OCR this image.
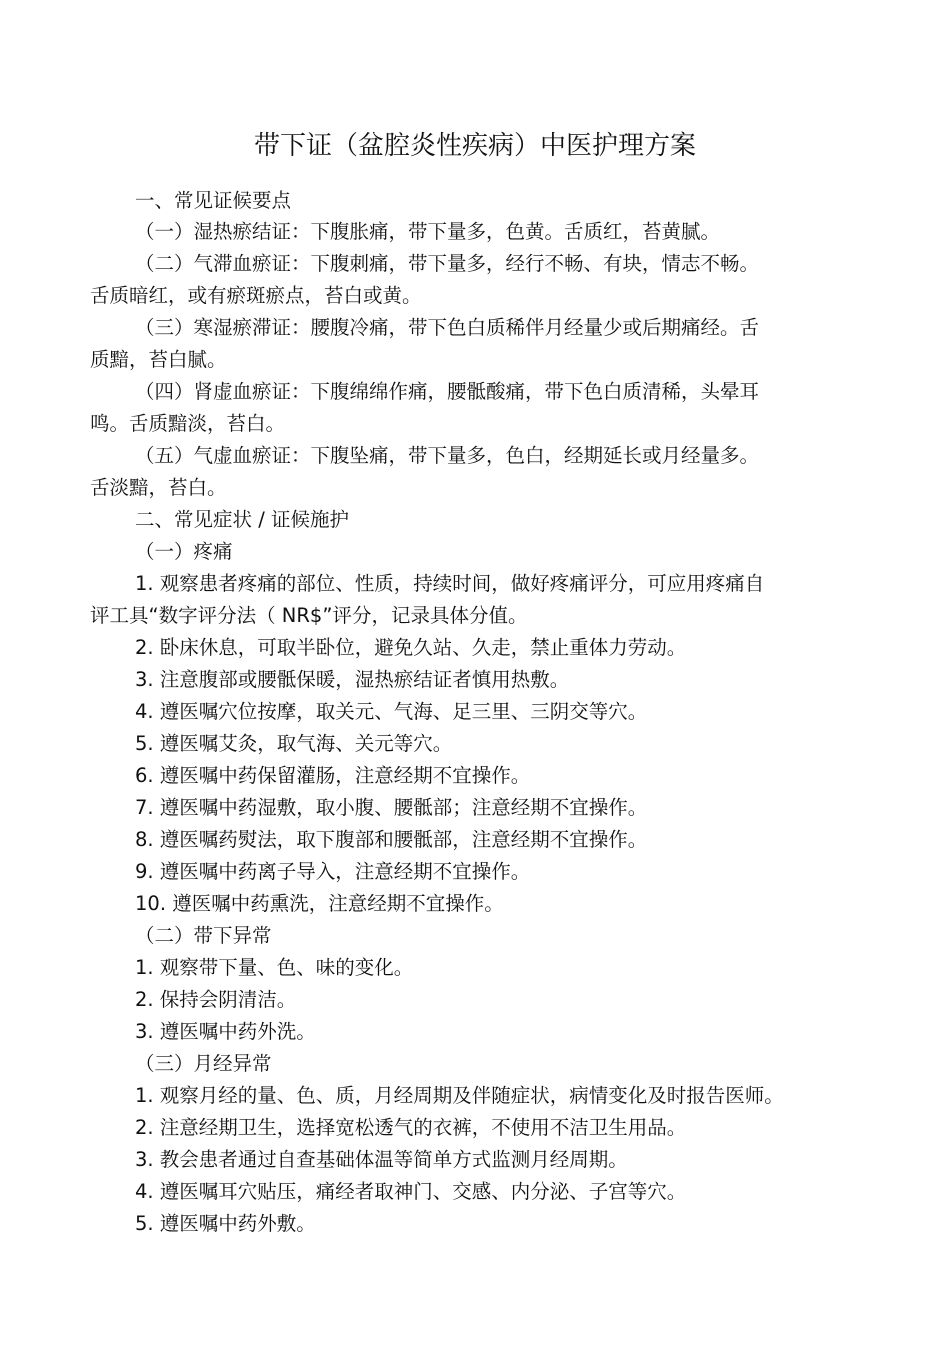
带下证（盆腔炎性疾病）中医护理方案
一、常见证候要点
（一）湿热瘀结证：下腹胀痛，带下量多，色黄。舌质红，苔黄腻。
（二）气滞血瘀证：下腹刺痛，带下量多，经行不畅、有块，情志不畅。
舌质暗红，或有瘀斑瘀点，苔白或黄。
（三）寒湿瘀滞证：腰腹冷痛，带下色白质稀伴月经量少或后期痛经。舌
质黯，苔白腻。
（四）肾虚血瘀证：下腹绵绵作痛，腰骶酸痛，带下色白质清稀，头晕耳
鸣。舌质黯淡，苔白。
（五）气虚血瘀证：下腹坠痛，带下量多，色白，经期延长或月经量多。
舌淡黯，苔白。
二、常见症状 / 证候施护
（一）疼痛
1. 观察患者疼痛的部位、性质，持续时间，做好疼痛评分，可应用疼痛自
评工具“数字评分法（ NR$”评分，记录具体分值。
2. 卧床休息，可取半卧位，避免久站、久走，禁止重体力劳动。
3. 注意腹部或腰骶保暖，湿热瘀结证者慎用热敷。
4. 遵医嘱穴位按摩，取关元、气海、足三里、三阴交等穴。
5. 遵医嘱艾灸，取气海、关元等穴。
6. 遵医嘱中药保留灌肠，注意经期不宜操作。
7. 遵医嘱中药湿敷，取小腹、腰骶部；注意经期不宜操作。
8. 遵医嘱药熨法，取下腹部和腰骶部，注意经期不宜操作。
9. 遵医嘱中药离子导入，注意经期不宜操作。
10. 遵医嘱中药熏洗，注意经期不宜操作。
（二）带下异常
1. 观察带下量、色、味的变化。
2. 保持会阴清洁。
3. 遵医嘱中药外洗。
（三）月经异常
1. 观察月经的量、色、质，月经周期及伴随症状，病情变化及时报告医师。
2. 注意经期卫生，选择宽松透气的衣裤，不使用不洁卫生用品。
3. 教会患者通过自查基础体温等简单方式监测月经周期。
4. 遵医嘱耳穴贴压，痛经者取神门、交感、内分泌、子宫等穴。
5. 遵医嘱中药外敷。
